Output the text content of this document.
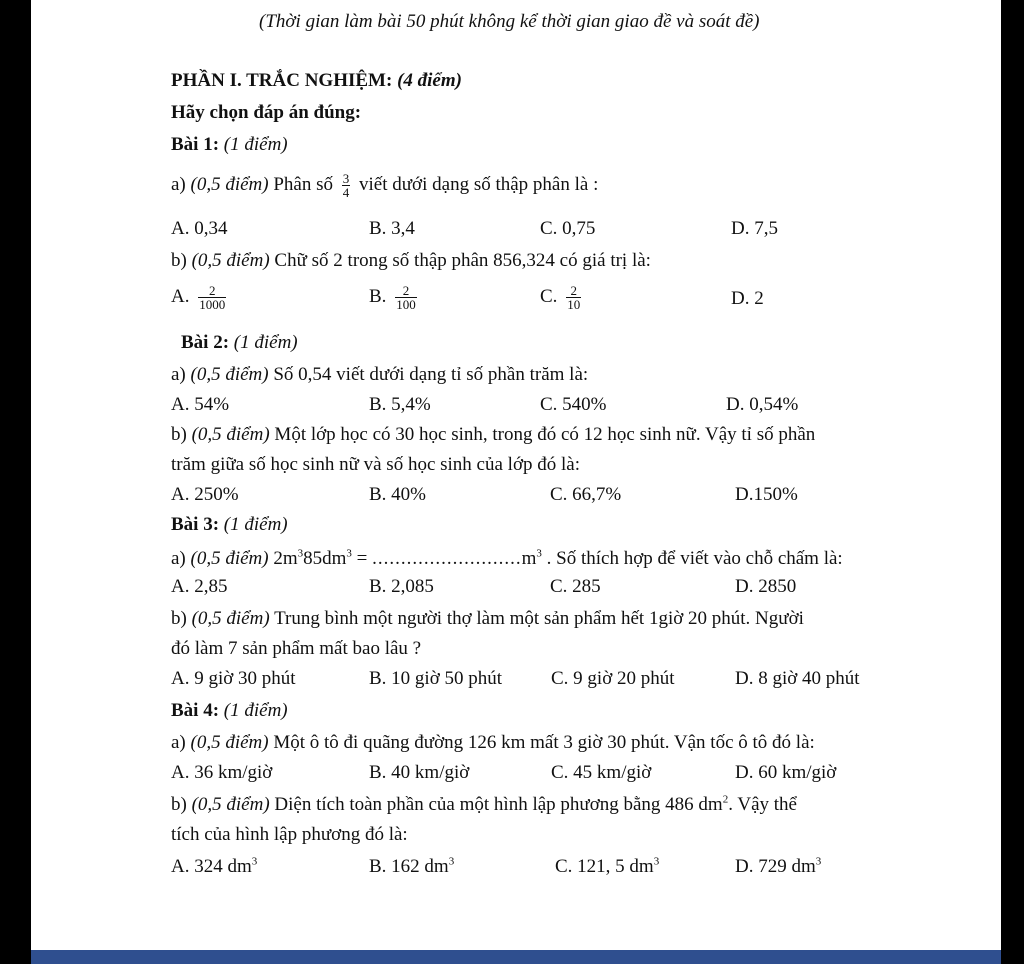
(Thời gian làm bài 50 phút không kể thời gian giao đề và soát đề)
PHẦN I. TRẮC NGHIỆM: (4 điểm)
Hãy chọn đáp án đúng:
Bài 1: (1 điểm)
a) (0,5 điểm) Phân số $\frac{3}{4}$ viết dưới dạng số thập phân là :
A. 0,34	B. 3,4	C. 0,75	D. 7,5
b) (0,5 điểm) Chữ số 2 trong số thập phân 856,324 có giá trị là:
A. $\frac{2}{1000}$	B. $\frac{2}{100}$	C. $\frac{2}{10}$	D. 2
Bài 2: (1 điểm)
a) (0,5 điểm) Số 0,54 viết dưới dạng tỉ số phần trăm là:
A. 54%	B. 5,4%	C. 540%	D. 0,54%
b) (0,5 điểm) Một lớp học có 30 học sinh, trong đó có 12 học sinh nữ. Vậy tỉ số phần
trăm giữa số học sinh nữ và số học sinh của lớp đó là:
A. 250%	B. 40%	C. 66,7%	D.150%
Bài 3: (1 điểm)
a) (0,5 điểm) $2m^385dm^3 = ..........................m^3$ . Số thích hợp để viết vào chỗ chấm là:
A. 2,85	B. 2,085	C. 285	D. 2850
b) (0,5 điểm) Trung bình một người thợ làm một sản phẩm hết 1giờ 20 phút. Người
đó làm 7 sản phẩm mất bao lâu ?
A. 9 giờ 30 phút	B. 10 giờ 50 phút	C. 9 giờ 20 phút	D. 8 giờ 40 phút
Bài 4: (1 điểm)
a) (0,5 điểm) Một ô tô đi quãng đường 126 km mất 3 giờ 30 phút. Vận tốc ô tô đó là:
A. 36 km/giờ	B. 40 km/giờ	C. 45 km/giờ	D. 60 km/giờ
b) (0,5 điểm) Diện tích toàn phần của một hình lập phương bằng 486 $dm^2$. Vậy thể
tích của hình lập phương đó là:
A. 324 $dm^3$	B. 162 $dm^3$	C. 121, 5 $dm^3$	D. 729 $dm^3$
